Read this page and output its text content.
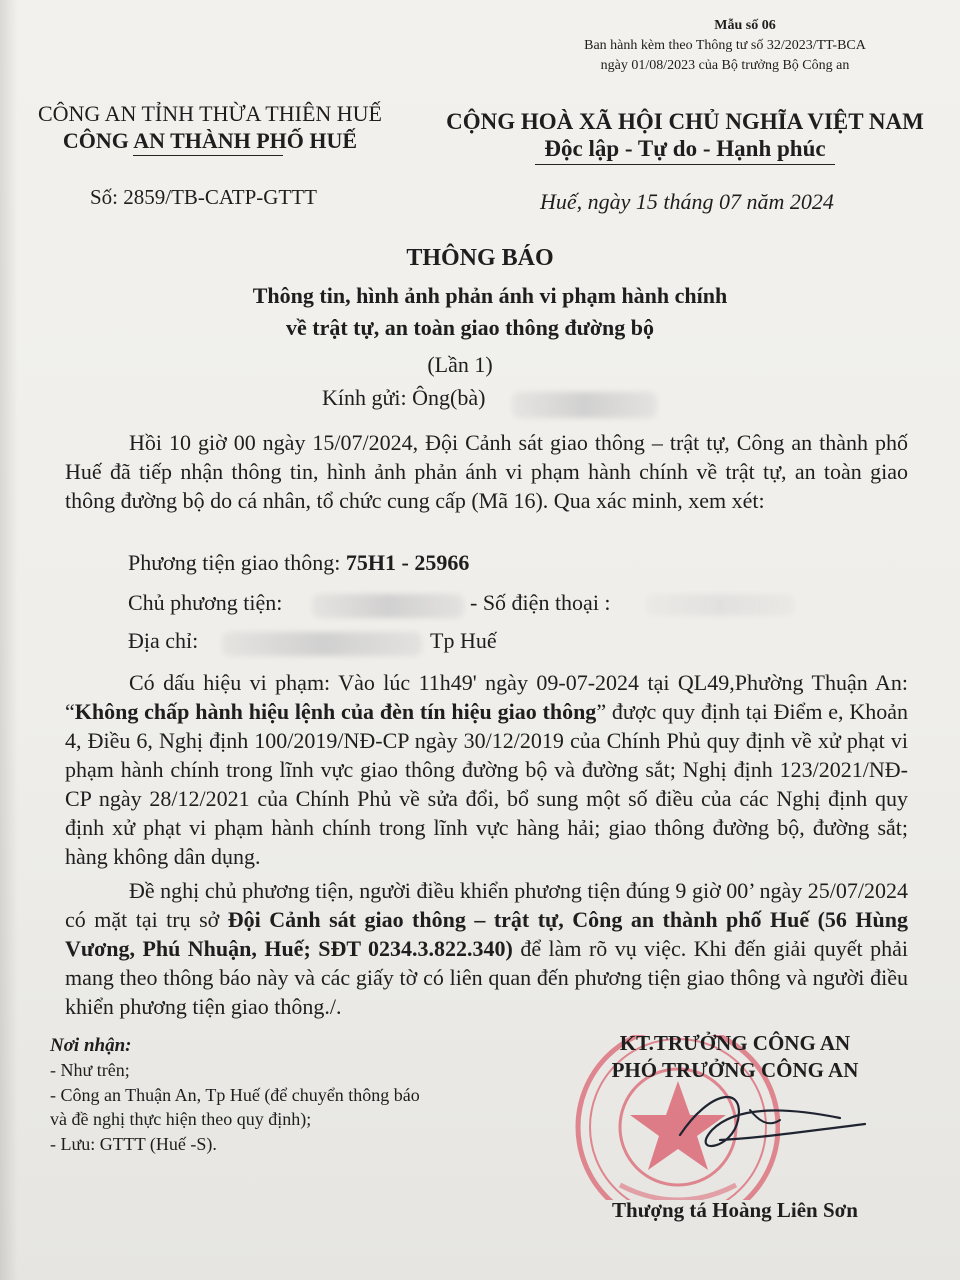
Mẫu số 06
Ban hành kèm theo Thông tư số 32/2023/TT-BCA
ngày 01/08/2023 của Bộ trưởng Bộ Công an
CÔNG AN TỈNH THỪA THIÊN HUẾ
CÔNG AN THÀNH PHỐ HUẾ
CỘNG HOÀ XÃ HỘI CHỦ NGHĨA VIỆT NAM
Độc lập - Tự do - Hạnh phúc
Số: 2859/TB-CATP-GTTT	Huế, ngày 15 tháng 07 năm 2024
THÔNG BÁO
Thông tin, hình ảnh phản ánh vi phạm hành chính
về trật tự, an toàn giao thông đường bộ
(Lần 1)
Kính gửi: Ông(bà)
Hồi 10 giờ 00 ngày 15/07/2024, Đội Cảnh sát giao thông – trật tự, Công an thành phố Huế đã tiếp nhận thông tin, hình ảnh phản ánh vi phạm hành chính về trật tự, an toàn giao thông đường bộ do cá nhân, tổ chức cung cấp (Mã 16). Qua xác minh, xem xét:
Phương tiện giao thông: 75H1 - 25966
Chủ phương tiện:	- Số điện thoại :
Địa chỉ:	Tp Huế
Có dấu hiệu vi phạm: Vào lúc 11h49' ngày 09-07-2024 tại QL49,Phường Thuận An: “Không chấp hành hiệu lệnh của đèn tín hiệu giao thông” được quy định tại Điểm e, Khoản 4, Điều 6, Nghị định 100/2019/NĐ-CP ngày 30/12/2019 của Chính Phủ quy định về xử phạt vi phạm hành chính trong lĩnh vực giao thông đường bộ và đường sắt; Nghị định 123/2021/NĐ-CP ngày 28/12/2021 của Chính Phủ về sửa đổi, bổ sung một số điều của các Nghị định quy định xử phạt vi phạm hành chính trong lĩnh vực hàng hải; giao thông đường bộ, đường sắt; hàng không dân dụng.
Đề nghị chủ phương tiện, người điều khiển phương tiện đúng 9 giờ 00’ ngày 25/07/2024 có mặt tại trụ sở Đội Cảnh sát giao thông – trật tự, Công an thành phố Huế (56 Hùng Vương, Phú Nhuận, Huế; SĐT 0234.3.822.340) để làm rõ vụ việc. Khi đến giải quyết phải mang theo thông báo này và các giấy tờ có liên quan đến phương tiện giao thông và người điều khiển phương tiện giao thông./.
Nơi nhận:
- Như trên;
- Công an Thuận An, Tp Huế (để chuyển thông báo
và đề nghị thực hiện theo quy định);
- Lưu: GTTT (Huế -S).
KT.TRƯỞNG CÔNG AN
PHÓ TRƯỞNG CÔNG AN
Thượng tá Hoàng Liên Sơn
